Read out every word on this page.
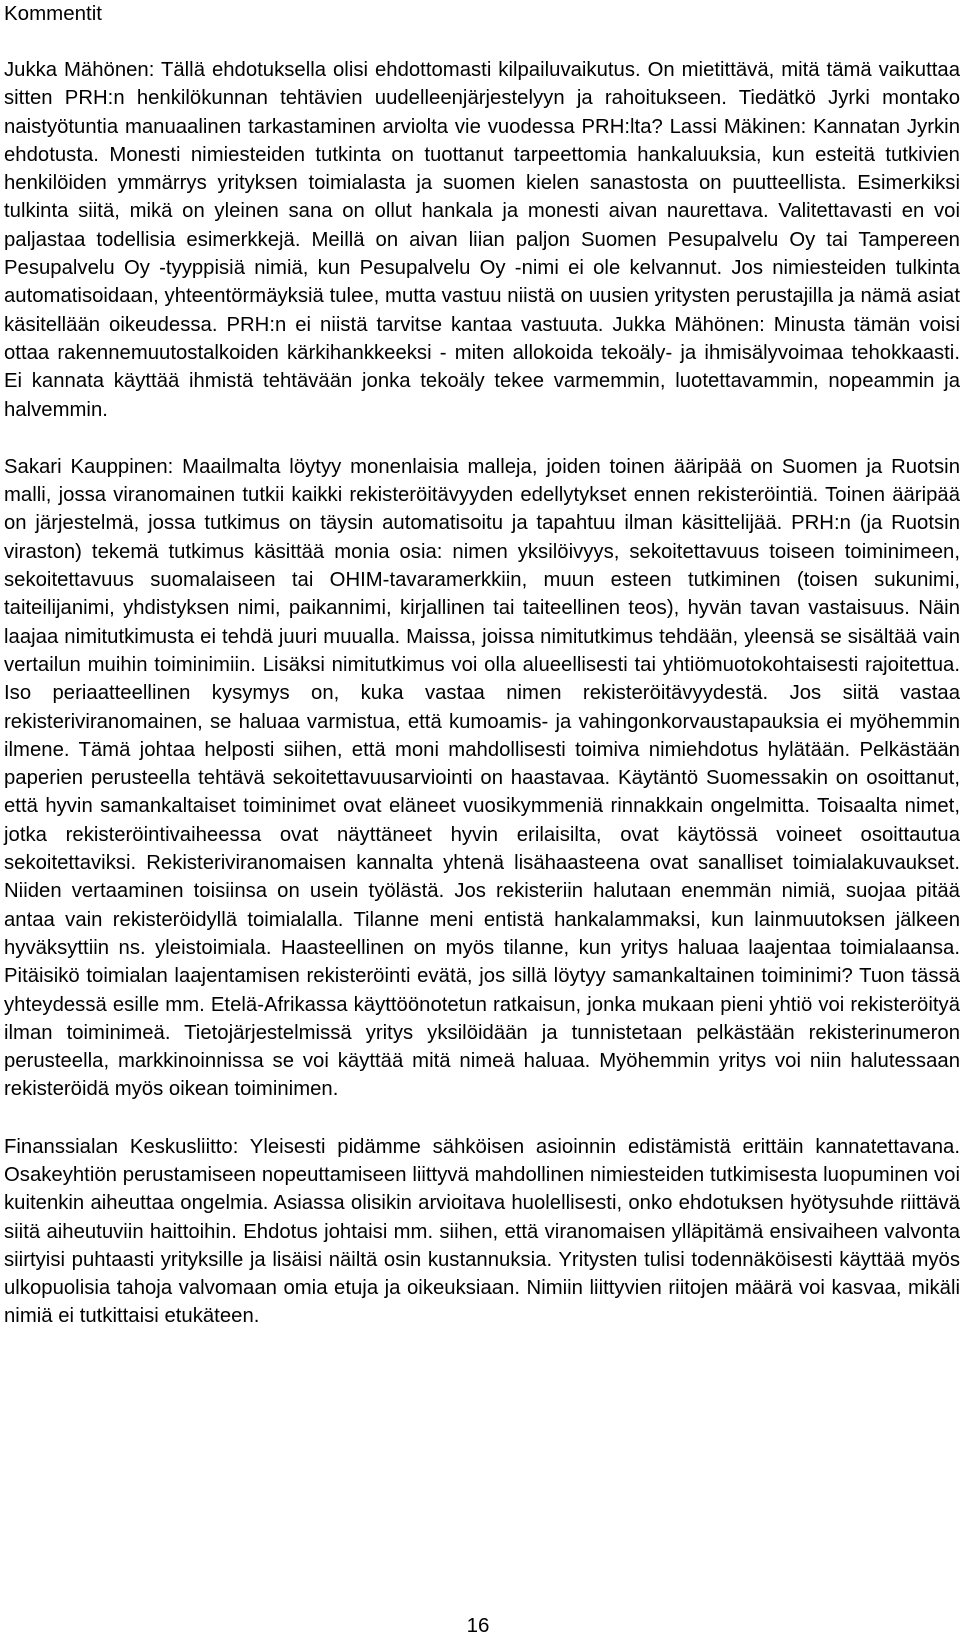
Kommentit

Jukka Mähönen: Tällä ehdotuksella olisi ehdottomasti kilpailuvaikutus. On mietittävä, mitä tämä vaikuttaa sitten PRH:n henkilökunnan tehtävien uudelleenjärjestelyyn ja rahoitukseen. Tiedätkö Jyrki montako naistyötuntia manuaalinen tarkastaminen arviolta vie vuodessa PRH:lta? Lassi Mäkinen: Kannatan Jyrkin ehdotusta. Monesti nimiesteiden tutkinta on tuottanut tarpeettomia hankaluuksia, kun esteitä tutkivien henkilöiden ymmärrys yrityksen toimialasta ja suomen kielen sanastosta on puutteellista. Esimerkiksi tulkinta siitä, mikä on yleinen sana on ollut hankala ja monesti aivan naurettava. Valitettavasti en voi paljastaa todellisia esimerkkejä. Meillä on aivan liian paljon Suomen Pesupalvelu Oy tai Tampereen Pesupalvelu Oy -tyyppisiä nimiä, kun Pesupalvelu Oy -nimi ei ole kelvannut. Jos nimiesteiden tulkinta automatisoidaan, yhteentörmäyksiä tulee, mutta vastuu niistä on uusien yritysten perustajilla ja nämä asiat käsitellään oikeudessa. PRH:n ei niistä tarvitse kantaa vastuuta. Jukka Mähönen: Minusta tämän voisi ottaa rakennemuutostalkoiden kärkihankkeeksi - miten allokoida tekoäly- ja ihmisälyvoimaa tehokkaasti. Ei kannata käyttää ihmistä tehtävään jonka tekoäly tekee varmemmin, luotettavammin, nopeammin ja halvemmin.

Sakari Kauppinen: Maailmalta löytyy monenlaisia malleja, joiden toinen ääripää on Suomen ja Ruotsin malli, jossa viranomainen tutkii kaikki rekisteröitävyyden edellytykset ennen rekisteröintiä. Toinen ääripää on järjestelmä, jossa tutkimus on täysin automatisoitu ja tapahtuu ilman käsittelijää. PRH:n (ja Ruotsin viraston) tekemä tutkimus käsittää monia osia: nimen yksilöivyys, sekoitettavuus toiseen toiminimeen, sekoitettavuus suomalaiseen tai OHIM-tavaramerkkiin, muun esteen tutkiminen (toisen sukunimi, taiteilijanimi, yhdistyksen nimi, paikannimi, kirjallinen tai taiteellinen teos), hyvän tavan vastaisuus. Näin laajaa nimitutkimusta ei tehdä juuri muualla. Maissa, joissa nimitutkimus tehdään, yleensä se sisältää vain vertailun muihin toiminimiin. Lisäksi nimitutkimus voi olla alueellisesti tai yhtiömuotokohtaisesti rajoitettua. Iso periaatteellinen kysymys on, kuka vastaa nimen rekisteröitävyydestä. Jos siitä vastaa rekisteriviranomainen, se haluaa varmistua, että kumoamis- ja vahingonkorvaustapauksia ei myöhemmin ilmene. Tämä johtaa helposti siihen, että moni mahdollisesti toimiva nimiehdotus hylätään. Pelkästään paperien perusteella tehtävä sekoitettavuusarviointi on haastavaa. Käytäntö Suomessakin on osoittanut, että hyvin samankaltaiset toiminimet ovat eläneet vuosikymmeniä rinnakkain ongelmitta. Toisaalta nimet, jotka rekisteröintivaiheessa ovat näyttäneet hyvin erilaisilta, ovat käytössä voineet osoittautua sekoitettaviksi. Rekisteriviranomaisen kannalta yhtenä lisähaasteena ovat sanalliset toimialakuvaukset. Niiden vertaaminen toisiinsa on usein työlästä. Jos rekisteriin halutaan enemmän nimiä, suojaa pitää antaa vain rekisteröidyllä toimialalla. Tilanne meni entistä hankalammaksi, kun lainmuutoksen jälkeen hyväksyttiin ns. yleistoimiala. Haasteellinen on myös tilanne, kun yritys haluaa laajentaa toimialaansa. Pitäisikö toimialan laajentamisen rekisteröinti evätä, jos sillä löytyy samankaltainen toiminimi? Tuon tässä yhteydessä esille mm. Etelä-Afrikassa käyttöönotetun ratkaisun, jonka mukaan pieni yhtiö voi rekisteröityä ilman toiminimeä. Tietojärjestelmissä yritys yksilöidään ja tunnistetaan pelkästään rekisterinumeron perusteella, markkinoinnissa se voi käyttää mitä nimeä haluaa. Myöhemmin yritys voi niin halutessaan rekisteröidä myös oikean toiminimen.

Finanssialan Keskusliitto: Yleisesti pidämme sähköisen asioinnin edistämistä erittäin kannatettavana. Osakeyhtiön perustamiseen nopeuttamiseen liittyvä mahdollinen nimiesteiden tutkimisesta luopuminen voi kuitenkin aiheuttaa ongelmia. Asiassa olisikin arvioitava huolellisesti, onko ehdotuksen hyötysuhde riittävä siitä aiheutuviin haittoihin. Ehdotus johtaisi mm. siihen, että viranomaisen ylläpitämä ensivaiheen valvonta siirtyisi puhtaasti yrityksille ja lisäisi näiltä osin kustannuksia. Yritysten tulisi todennäköisesti käyttää myös ulkopuolisia tahoja valvomaan omia etuja ja oikeuksiaan. Nimiin liittyvien riitojen määrä voi kasvaa, mikäli nimiä ei tutkittaisi etukäteen.

16
